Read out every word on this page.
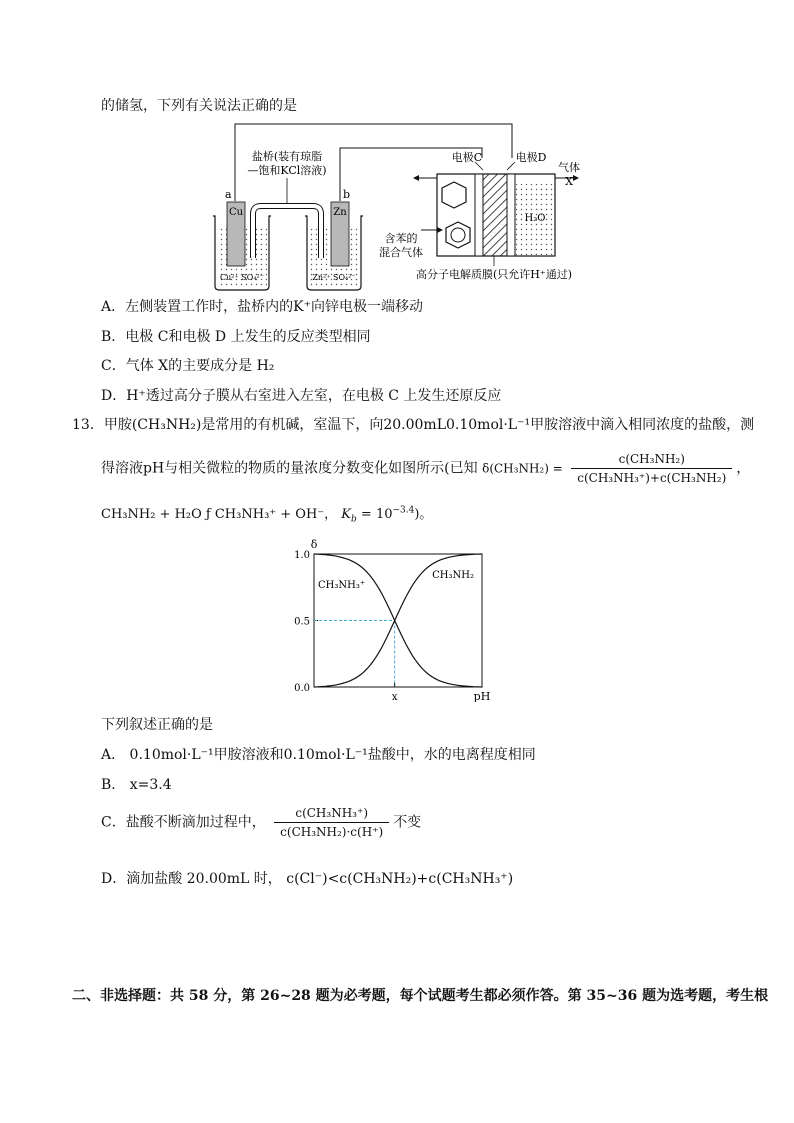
的储氢，下列有关说法正确的是
盐桥(装有琼脂
—饱和KCl溶液)
a	b
Cu	Zn
Cu²⁺ SO₄²⁻	Zn²⁺ SO₄²⁻
电极C	电极D
气体
X
H₂O
含苯的
混合气体
高分子电解质膜(只允许H⁺通过)
A．左侧装置工作时，盐桥内的K⁺向锌电极一端移动
B．电极 C和电极 D 上发生的反应类型相同
C．气体 X的主要成分是 H₂
D．H⁺透过高分子膜从右室进入左室，在电极 C 上发生还原反应
13．甲胺(CH₃NH₂)是常用的有机碱，室温下，向20.00mL0.10mol·L⁻¹甲胺溶液中滴入相同浓度的盐酸，测
得溶液pH与相关微粒的物质的量浓度分数变化如图所示(已知 $\delta(CH_3NH_2) = \frac{\text{c(CH₃NH₂)}}{\text{c(CH₃NH₃⁺)+c(CH₃NH₂)}}$ ，
CH₃NH₂ + H₂O ƒ CH₃NH₃⁺ + OH⁻， $K_b = 10^{-3.4}$)。
0.0
0.5
1.0
CH₃NH₃⁺
CH₃NH₂
x	pH
δ
下列叙述正确的是
A． 0.10mol·L⁻¹甲胺溶液和0.10mol·L⁻¹盐酸中，水的电离程度相同
B． x=3.4
C．盐酸不断滴加过程中， $\frac{\text{c(CH₃NH₃⁺)}}{\text{c(CH₃NH₂)·c(H⁺)}}$ 不变
D．滴加盐酸 20.00mL 时， c(Cl⁻)<c(CH₃NH₂)+c(CH₃NH₃⁺)
二、非选择题：共 58 分，第 26~28 题为必考题，每个试题考生都必须作答。第 35~36 题为选考题，考生根
